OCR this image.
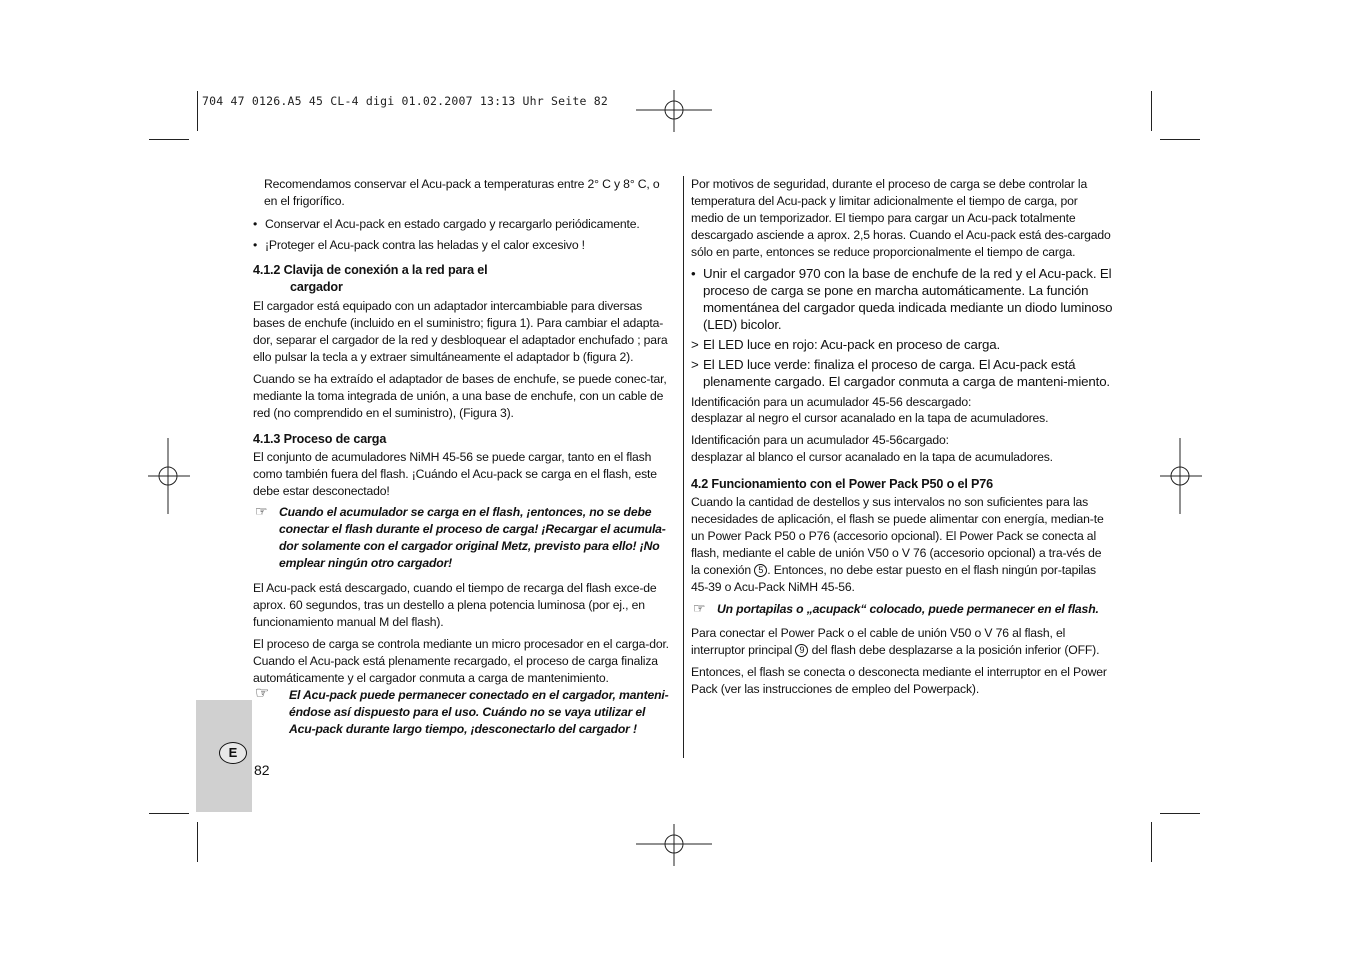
704 47 0126.A5 45 CL-4 digi 01.02.2007 13:13 Uhr Seite 82
E
82

Recomendamos conservar el Acu-pack a temperaturas entre 2° C y 8° C, o en el frigorífico.

• Conservar el Acu-pack en estado cargado y recargarlo periódicamente.
• ¡Proteger el Acu-pack contra las heladas y el calor excesivo !
4.1.2 Clavija de conexión a la red para el
cargador

El cargador está equipado con un adaptador intercambiable para diversas bases de enchufe (incluido en el suministro; figura 1). Para cambiar el adapta-dor, separar el cargador de la red y desbloquear el adaptador enchufado ; para ello pulsar la tecla a y extraer simultáneamente el adaptador b (figura 2).

Cuando se ha extraído el adaptador de bases de enchufe, se puede conec-tar, mediante la toma integrada de unión, a una base de enchufe, con un cable de red (no comprendido en el suministro), (Figura 3).

4.1.3 Proceso de carga

El conjunto de acumuladores NiMH 45-56 se puede cargar, tanto en el flash como también fuera del flash. ¡Cuándo el Acu-pack se carga en el flash, este debe estar desconectado!

☞ Cuando el acumulador se carga en el flash, ¡entonces, no se debe conectar el flash durante el proceso de carga! ¡Recargar el acumula-dor solamente con el cargador original Metz, previsto para ello! ¡No emplear ningún otro cargador!

El Acu-pack está descargado, cuando el tiempo de recarga del flash exce-de aprox. 60 segundos, tras un destello a plena potencia luminosa (por ej., en funcionamiento manual M del flash).

El proceso de carga se controla mediante un micro procesador en el carga-dor. Cuando el Acu-pack está plenamente recargado, el proceso de carga finaliza automáticamente y el cargador conmuta a carga de mantenimiento.

☞ El Acu-pack puede permanecer conectado en el cargador, manteni-éndose así dispuesto para el uso. Cuándo no se vaya utilizar el Acu-pack durante largo tiempo, ¡desconectarlo del cargador !

Por motivos de seguridad, durante el proceso de carga se debe controlar la temperatura del Acu-pack y limitar adicionalmente el tiempo de carga, por medio de un temporizador. El tiempo para cargar un Acu-pack totalmente descargado asciende a aprox. 2,5 horas. Cuando el Acu-pack está des-cargado sólo en parte, entonces se reduce proporcionalmente el tiempo de carga.

• Unir el cargador 970 con la base de enchufe de la red y el Acu-pack. El proceso de carga se pone en marcha automáticamente. La función momentánea del cargador queda indicada mediante un diodo luminoso (LED) bicolor.
> El LED luce en rojo: Acu-pack en proceso de carga.
> El LED luce verde: finaliza el proceso de carga. El Acu-pack está plenamente cargado. El cargador conmuta a carga de manteni-miento.

Identificación para un acumulador 45-56 descargado:
desplazar al negro el cursor acanalado en la tapa de acumuladores.

Identificación para un acumulador 45-56cargado:
desplazar al blanco el cursor acanalado en la tapa de acumuladores.

4.2 Funcionamiento con el Power Pack P50 o el P76

Cuando la cantidad de destellos y sus intervalos no son suficientes para las necesidades de aplicación, el flash se puede alimentar con energía, median-te un Power Pack P50 o P76 (accesorio opcional). El Power Pack se conecta al flash, mediante el cable de unión V50 o V 76 (accesorio opcional) a tra-vés de la conexión 5 . Entonces, no debe estar puesto en el flash ningún por-tapilas 45-39 o Acu-Pack NiMH 45-56.

☞ Un portapilas o „acupack“ colocado, puede permanecer en el flash.

Para conectar el Power Pack o el cable de unión V50 o V 76 al flash, el interruptor principal 9 del flash debe desplazarse a la posición inferior (OFF).

Entonces, el flash se conecta o desconecta mediante el interruptor en el Power Pack (ver las instrucciones de empleo del Powerpack).
